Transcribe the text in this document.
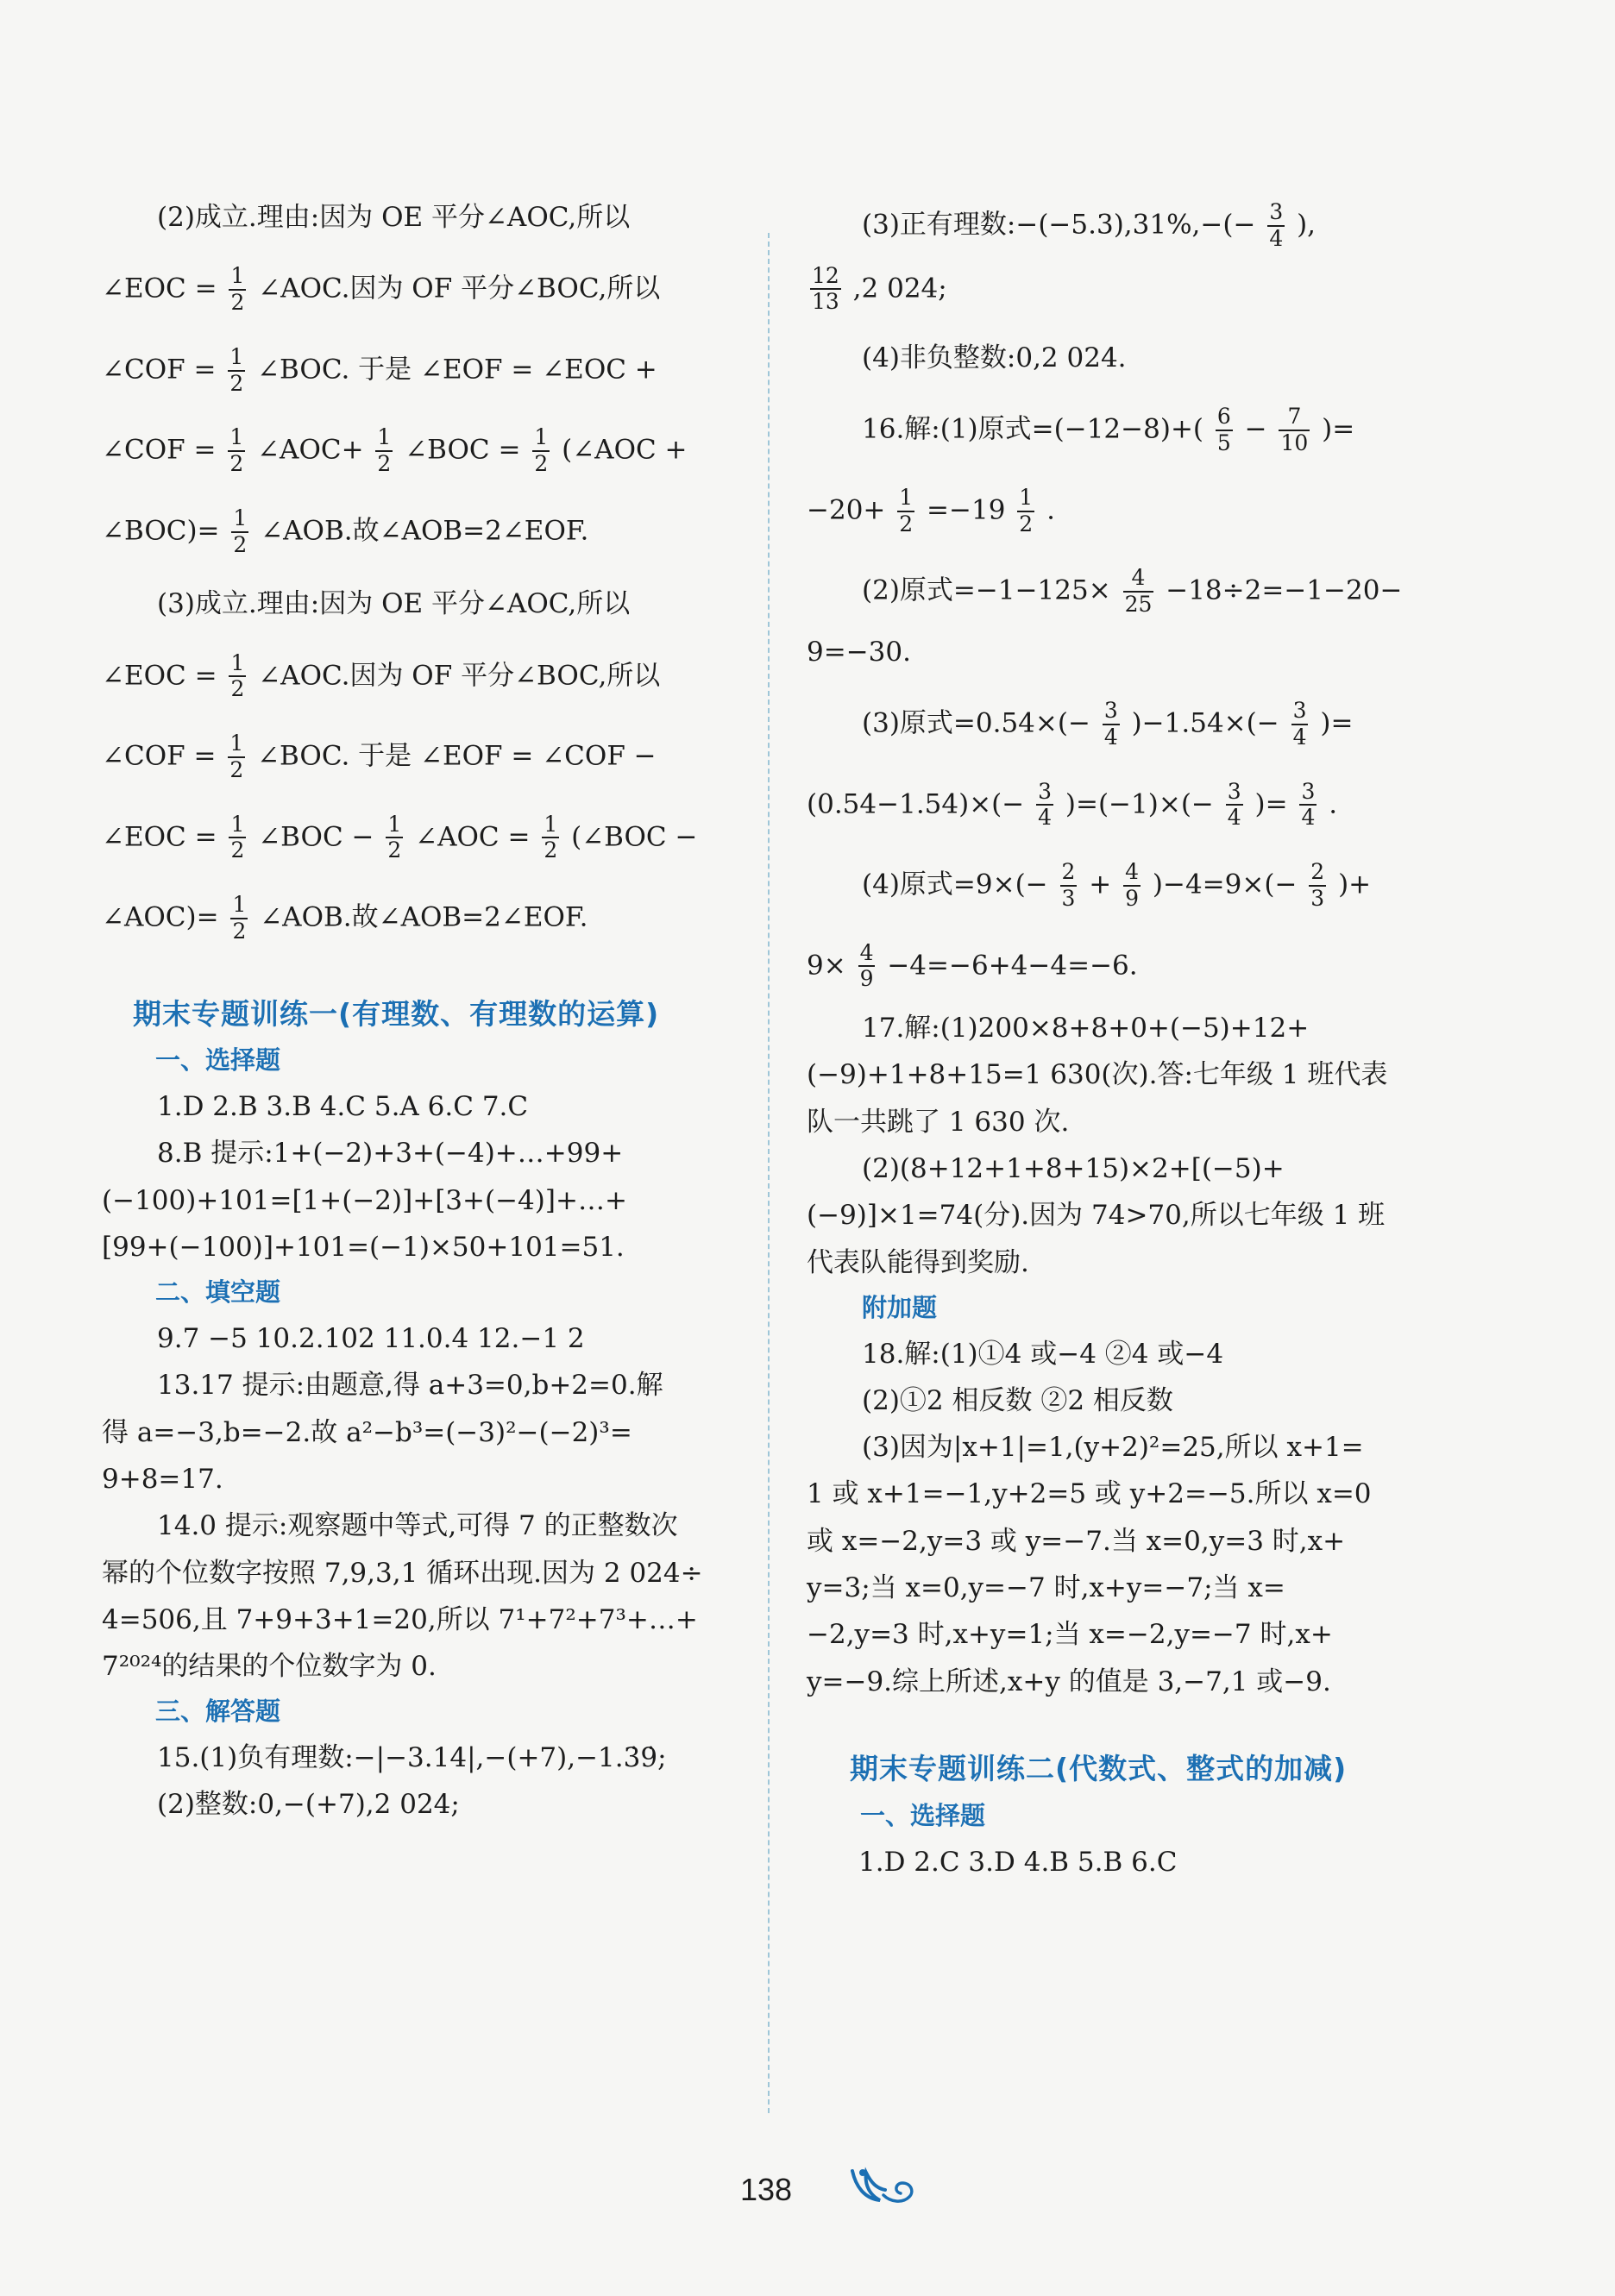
(2)成立.理由:因为 OE 平分∠AOC,所以

∠EOC = $\frac{1}{2}$ ∠AOC.因为 OF 平分∠BOC,所以

∠COF = $\frac{1}{2}$ ∠BOC. 于是 ∠EOF = ∠EOC +

∠COF = $\frac{1}{2}$ ∠AOC+ $\frac{1}{2}$ ∠BOC = $\frac{1}{2}$ (∠AOC +

∠BOC)= $\frac{1}{2}$ ∠AOB.故∠AOB=2∠EOF.

(3)成立.理由:因为 OE 平分∠AOC,所以

∠EOC = $\frac{1}{2}$ ∠AOC.因为 OF 平分∠BOC,所以

∠COF = $\frac{1}{2}$ ∠BOC. 于是 ∠EOF = ∠COF −

∠EOC = $\frac{1}{2}$ ∠BOC − $\frac{1}{2}$ ∠AOC = $\frac{1}{2}$ (∠BOC −

∠AOC)= $\frac{1}{2}$ ∠AOB.故∠AOB=2∠EOF.

期末专题训练一(有理数、有理数的运算)

一、选择题

1.D 2.B 3.B 4.C 5.A 6.C 7.C

8.B 提示:1+(−2)+3+(−4)+…+99+

(−100)+101=[1+(−2)]+[3+(−4)]+…+

[99+(−100)]+101=(−1)×50+101=51.

二、填空题

9.7 −5 10.2.102 11.0.4 12.−1 2

13.17 提示:由题意,得 a+3=0,b+2=0.解

得 a=−3,b=−2.故 a²−b³=(−3)²−(−2)³=

9+8=17.

14.0 提示:观察题中等式,可得 7 的正整数次

幂的个位数字按照 7,9,3,1 循环出现.因为 2 024÷

4=506,且 7+9+3+1=20,所以 7¹+7²+7³+…+

7²⁰²⁴的结果的个位数字为 0.

三、解答题

15.(1)负有理数:−|−3.14|,−(+7),−1.3̇9̇;

(2)整数:0,−(+7),2 024;

(3)正有理数:−(−5.3),31%,−(− $\frac{3}{4}$ ),

$\frac{12}{13} ,2$ 024;

(4)非负整数:0,2 024.

16.解:(1)原式$=(-12-8)+( \frac{6}{5} - \frac{7}{10}$ )=

$-20+ \frac{1}{2} =-19 \frac{1}{2}$ .

(2)原式$=-1-125\times \frac{4}{25} -18\div 2=-1-20-$

9=−30.

(3)原式$=0.54\times(- \frac{3}{4} )-1.54\times(- \frac{3}{4}$ )=

$(0.54-1.54)\times(- \frac{3}{4} )=(-1)\times(- \frac{3}{4}$ )= $\frac{3}{4}$ .

(4)原式$=9\times(- \frac{2}{3} + \frac{4}{9} )-4=9\times(- \frac{2}{3}$ )+

$9\times \frac{4}{9} -4=-6+4-4=-6$.

17.解:(1)200×8+8+0+(−5)+12+

(−9)+1+8+15=1 630(次).答:七年级 1 班代表

队一共跳了 1 630 次.

(2)(8+12+1+8+15)×2+[(−5)+

(−9)]×1=74(分).因为 74>70,所以七年级 1 班

代表队能得到奖励.

附加题

18.解:(1)①4 或−4 ②4 或−4

(2)①2 相反数 ②2 相反数

(3)因为|x+1|=1,(y+2)²=25,所以 x+1=

1 或 x+1=−1,y+2=5 或 y+2=−5.所以 x=0

或 x=−2,y=3 或 y=−7.当 x=0,y=3 时,x+

y=3;当 x=0,y=−7 时,x+y=−7;当 x=

−2,y=3 时,x+y=1;当 x=−2,y=−7 时,x+

y=−9.综上所述,x+y 的值是 3,−7,1 或−9.

期末专题训练二(代数式、整式的加减)

一、选择题

1.D 2.C 3.D 4.B 5.B 6.C

138
